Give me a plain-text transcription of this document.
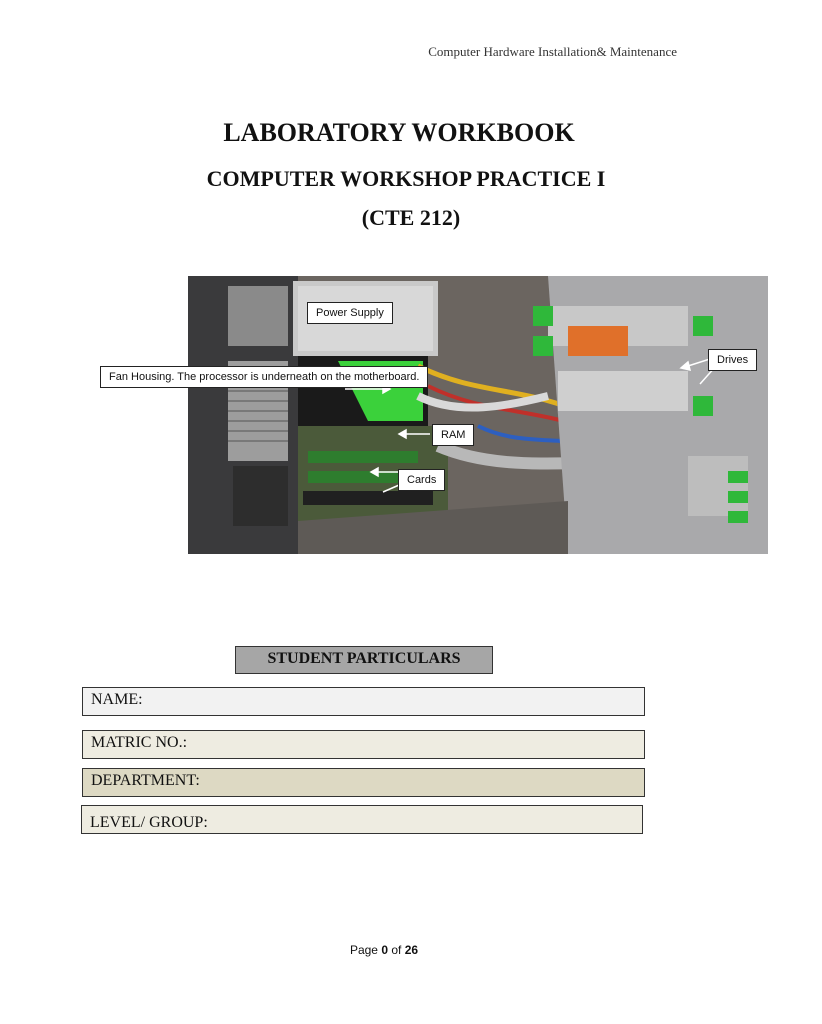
Computer Hardware Installation& Maintenance
LABORATORY WORKBOOK
COMPUTER WORKSHOP PRACTICE I
(CTE 212)
Power Supply
Fan Housing. The processor is underneath on the motherboard.
RAM
Drives
Cards
STUDENT PARTICULARS
NAME:
MATRIC NO.:
DEPARTMENT:
LEVEL/ GROUP:
Page 0 of 26
